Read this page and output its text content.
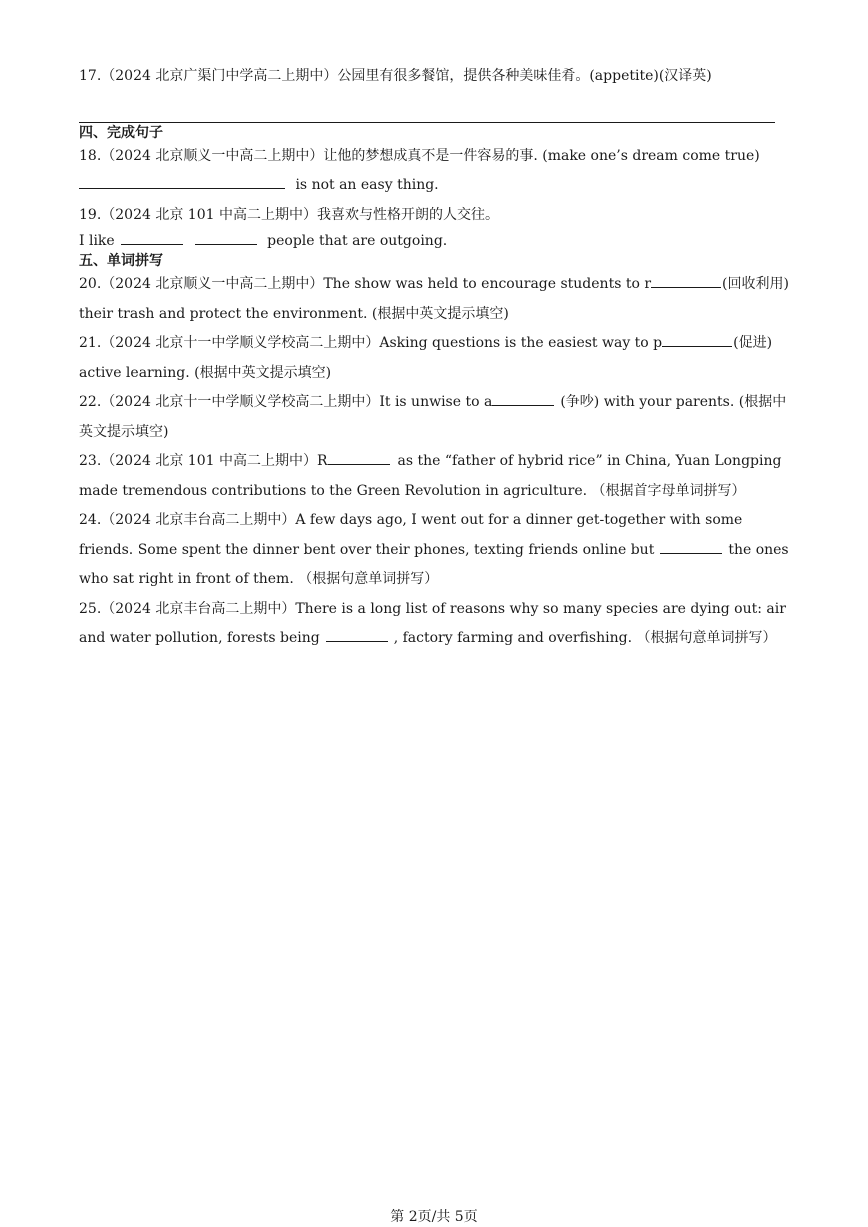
17.（2024 北京广渠门中学高二上期中）公园里有很多餐馆，提供各种美味佳肴。(appetite)(汉译英)
四、完成句子
18.（2024 北京顺义一中高二上期中）让他的梦想成真不是一件容易的事. (make one’s dream come true)
is not an easy thing.
19.（2024 北京 101 中高二上期中）我喜欢与性格开朗的人交往。
I like	people that are outgoing.
五、单词拼写

20.（2024 北京顺义一中高二上期中）The show was held to encourage students to r	(回收利用) their trash and protect the environment. (根据中英文提示填空)

21.（2024 北京十一中学顺义学校高二上期中）Asking questions is the easiest way to p	(促进) active learning. (根据中英文提示填空)

22.（2024 北京十一中学顺义学校高二上期中）It is unwise to a	(争吵) with your parents. (根据中英文提示填空)

23.（2024 北京 101 中高二上期中）R	as the “father of hybrid rice” in China, Yuan Longping made tremendous contributions to the Green Revolution in agriculture. （根据首字母单词拼写）

24.（2024 北京丰台高二上期中）A few days ago, I went out for a dinner get-together with some friends. Some spent the dinner bent over their phones, texting friends online but	the ones who sat right in front of them. （根据句意单词拼写）

25.（2024 北京丰台高二上期中）There is a long list of reasons why so many species are dying out: air and water pollution, forests being	, factory farming and overfishing. （根据句意单词拼写）

第 2页/共 5页
